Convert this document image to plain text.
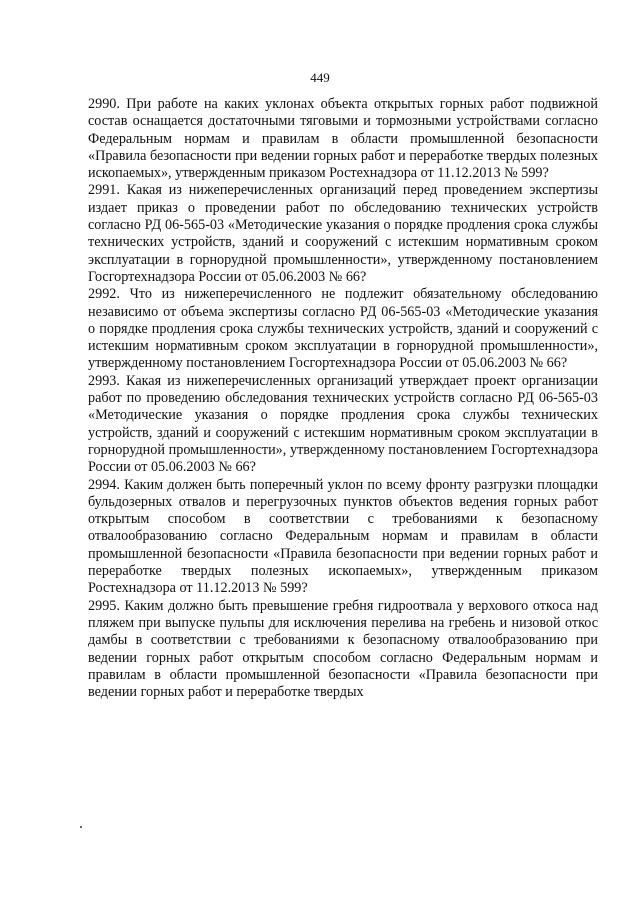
449

2990. При работе на каких уклонах объекта открытых горных работ подвижной состав оснащается достаточными тяговыми и тормозными устройствами согласно Федеральным нормам и правилам в области промышленной безопасности «Правила безопасности при ведении горных работ и переработке твердых полезных ископаемых», утвержденным приказом Ростехнадзора от 11.12.2013 № 599?

2991. Какая из нижеперечисленных организаций перед проведением экспертизы издает приказ о проведении работ по обследованию технических устройств согласно РД 06-565-03 «Методические указания о порядке продления срока службы технических устройств, зданий и сооружений с истекшим нормативным сроком эксплуатации в горнорудной промышленности», утвержденному постановлением Госгортехнадзора России от 05.06.2003 № 66?

2992. Что из нижеперечисленного не подлежит обязательному обследованию независимо от объема экспертизы согласно РД 06-565-03 «Методические указания о порядке продления срока службы технических устройств, зданий и сооружений с истекшим нормативным сроком эксплуатации в горнорудной промышленности», утвержденному постановлением Госгортехнадзора России от 05.06.2003 № 66?

2993. Какая из нижеперечисленных организаций утверждает проект организации работ по проведению обследования технических устройств согласно РД 06-565-03 «Методические указания о порядке продления срока службы технических устройств, зданий и сооружений с истекшим нормативным сроком эксплуатации в горнорудной промышленности», утвержденному постановлением Госгортехнадзора России от 05.06.2003 № 66?

2994. Каким должен быть поперечный уклон по всему фронту разгрузки площадки бульдозерных отвалов и перегрузочных пунктов объектов ведения горных работ открытым способом в соответствии с требованиями к безопасному отвалообразованию согласно Федеральным нормам и правилам в области промышленной безопасности «Правила безопасности при ведении горных работ и переработке твердых полезных ископаемых», утвержденным приказом Ростехнадзора от 11.12.2013 № 599?

2995. Каким должно быть превышение гребня гидроотвала у верхового откоса над пляжем при выпуске пульпы для исключения перелива на гребень и низовой откос дамбы в соответствии с требованиями к безопасному отвалообразованию при ведении горных работ открытым способом согласно Федеральным нормам и правилам в области промышленной безопасности «Правила безопасности при ведении горных работ и переработке твердых
